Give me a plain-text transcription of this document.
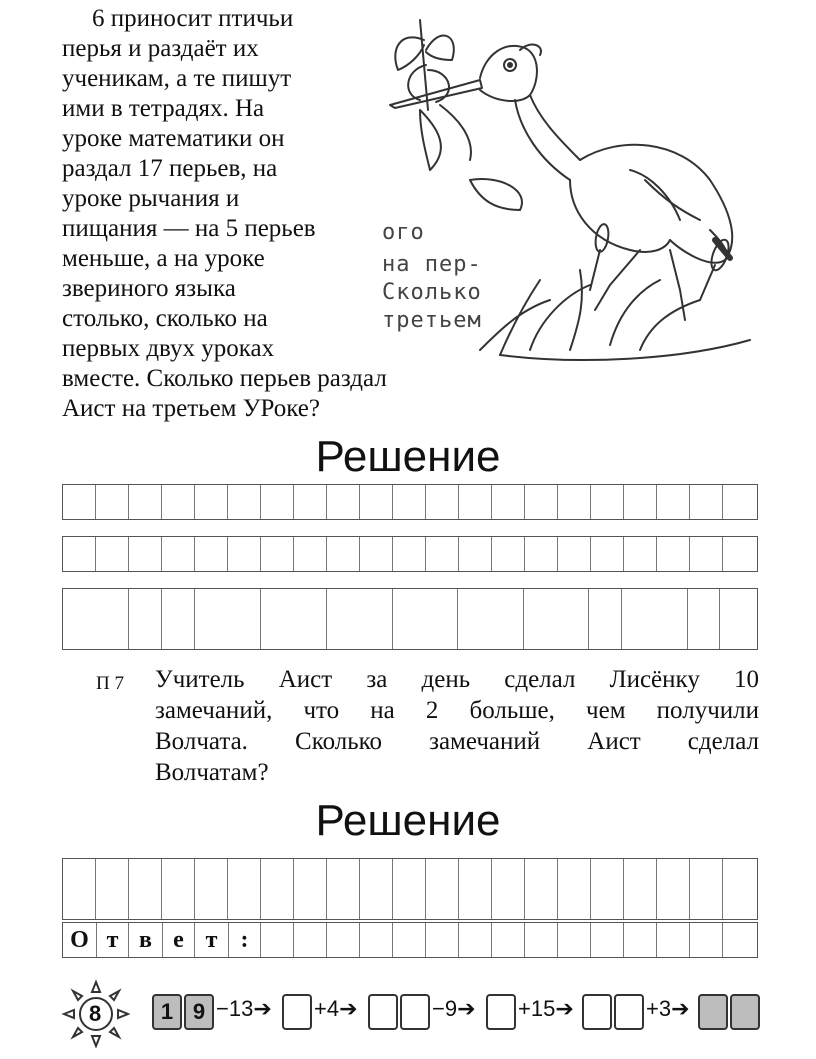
6 приносит птичьи
перья и раздаёт их
ученикам, а те пишут
ими в тетрадях. На
уроке математики он
раздал 17 перьев, на
уроке рычания и
пищания — на 5 перьев
меньше, а на уроке
звериного языка
столько, сколько на
первых двух уроках
вместе. Сколько перьев раздал
Аист на третьем УРоке?
ого
на пер-
Сколько
третьем
Решение
П 7 Учитель Аист за день сделал Лисёнку 10
замечаний, что на 2 больше, чем получили
Волчата. Сколько замечаний Аист сделал
Волчатам?
Решение
О т в е т :
8	1 9 −13➔ +4➔	−9➔ +15➔	+3➔
